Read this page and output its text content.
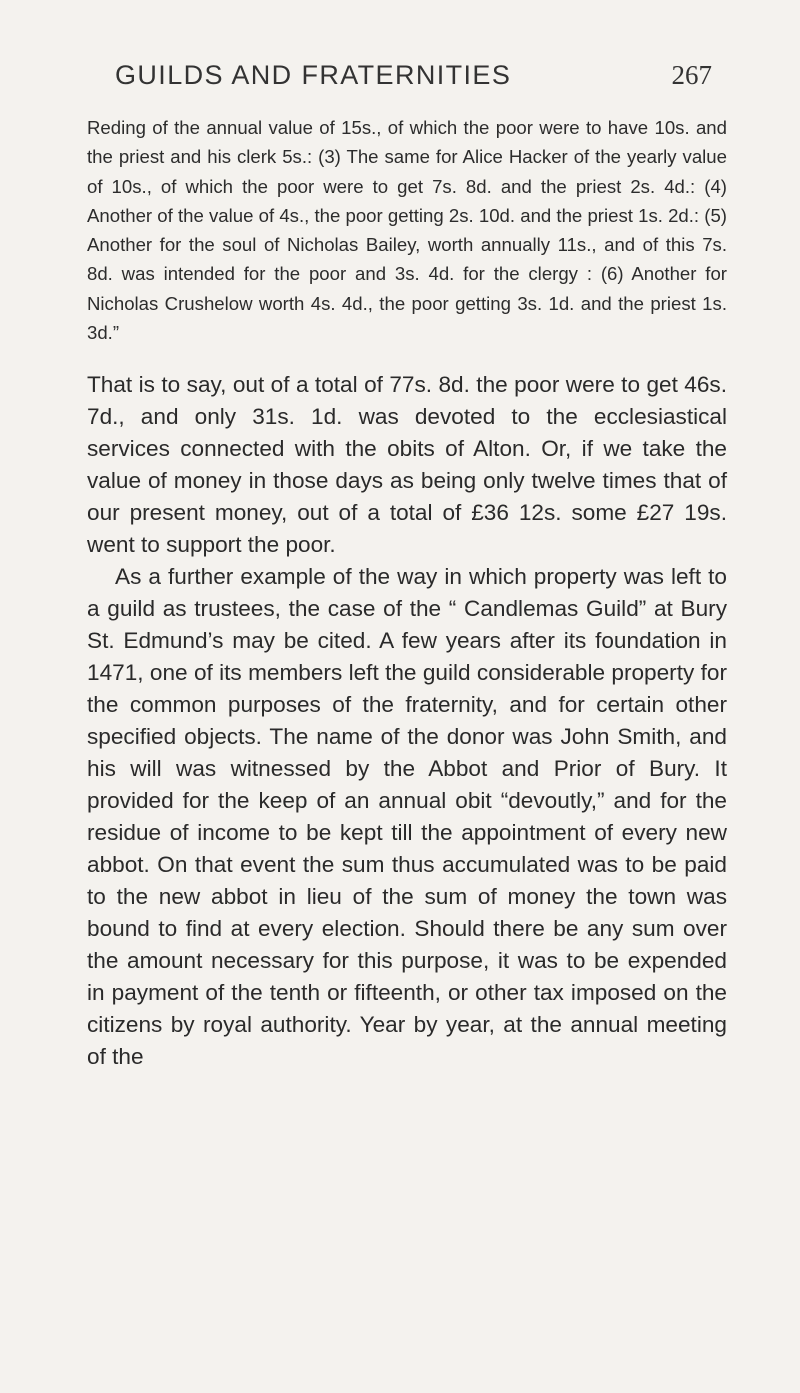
GUILDS AND FRATERNITIES	267

Reding of the annual value of 15s., of which the poor were to have 10s. and the priest and his clerk 5s.: (3) The same for Alice Hacker of the yearly value of 10s., of which the poor were to get 7s. 8d. and the priest 2s. 4d.: (4) Another of the value of 4s., the poor getting 2s. 10d. and the priest 1s. 2d.: (5) Another for the soul of Nicholas Bailey, worth annually 11s., and of this 7s. 8d. was intended for the poor and 3s. 4d. for the clergy : (6) Another for Nicholas Crushelow worth 4s. 4d., the poor getting 3s. 1d. and the priest 1s. 3d.”

That is to say, out of a total of 77s. 8d. the poor were to get 46s. 7d., and only 31s. 1d. was devoted to the ecclesiastical services connected with the obits of Alton. Or, if we take the value of money in those days as being only twelve times that of our present money, out of a total of £36 12s. some £27 19s. went to support the poor.

As a further example of the way in which property was left to a guild as trustees, the case of the “ Candlemas Guild” at Bury St. Edmund’s may be cited. A few years after its foundation in 1471, one of its members left the guild considerable property for the common purposes of the fraternity, and for certain other specified objects. The name of the donor was John Smith, and his will was witnessed by the Abbot and Prior of Bury. It provided for the keep of an annual obit “devoutly,” and for the residue of income to be kept till the appointment of every new abbot. On that event the sum thus accumulated was to be paid to the new abbot in lieu of the sum of money the town was bound to find at every election. Should there be any sum over the amount necessary for this purpose, it was to be expended in payment of the tenth or fifteenth, or other tax imposed on the citizens by royal authority. Year by year, at the annual meeting of the
